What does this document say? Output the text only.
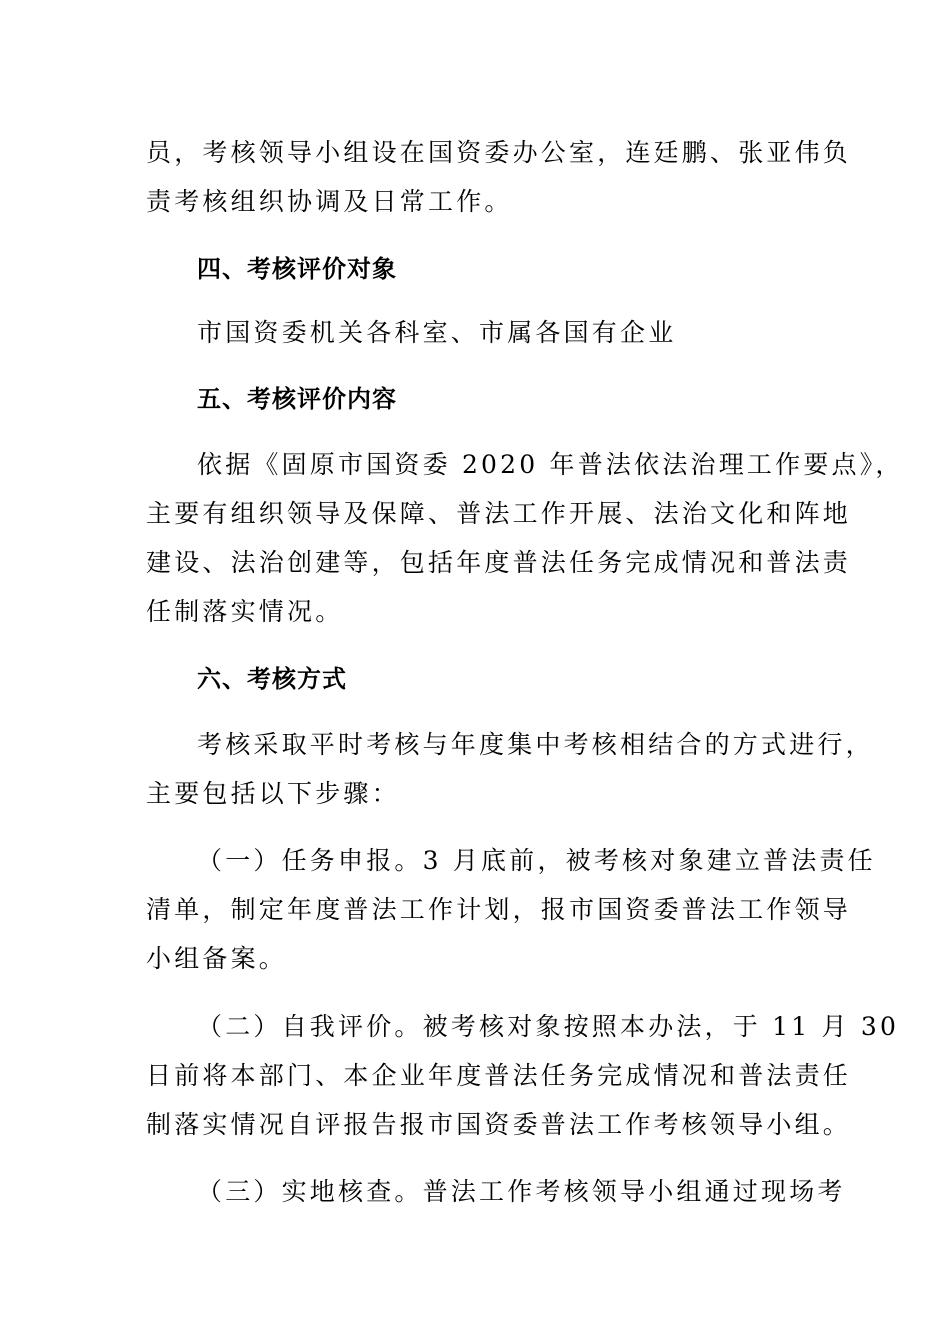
员，考核领导小组设在国资委办公室，连廷鹏、张亚伟负
责考核组织协调及日常工作。
四、考核评价对象
市国资委机关各科室、市属各国有企业
五、考核评价内容
依据《固原市国资委 2020 年普法依法治理工作要点》，
主要有组织领导及保障、普法工作开展、法治文化和阵地
建设、法治创建等，包括年度普法任务完成情况和普法责
任制落实情况。
六、考核方式
考核采取平时考核与年度集中考核相结合的方式进行，
主要包括以下步骤：
（一）任务申报。3 月底前，被考核对象建立普法责任
清单，制定年度普法工作计划，报市国资委普法工作领导
小组备案。
（二）自我评价。被考核对象按照本办法，于 11 月 30
日前将本部门、本企业年度普法任务完成情况和普法责任
制落实情况自评报告报市国资委普法工作考核领导小组。
（三）实地核查。普法工作考核领导小组通过现场考
